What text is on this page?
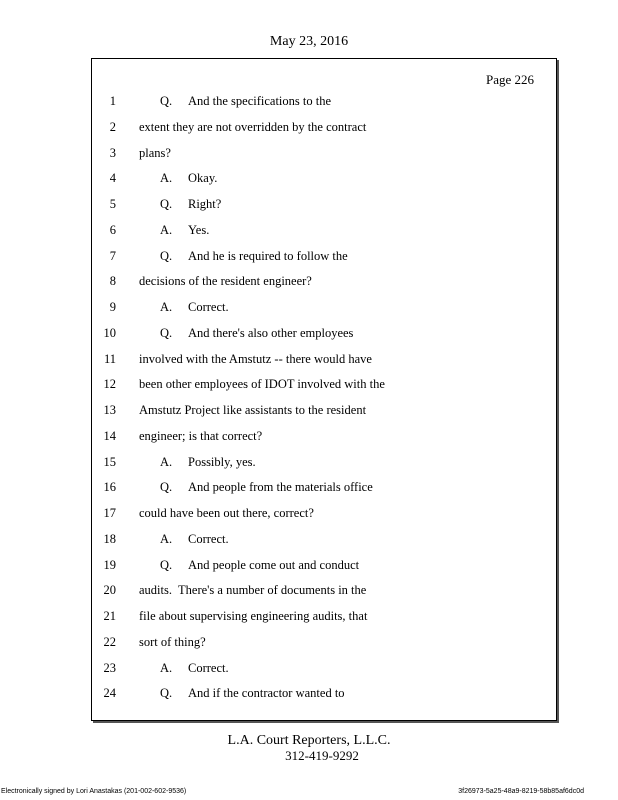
May 23, 2016
Page 226
1	Q. And the specifications to the
2 extent they are not overridden by the contract
3 plans?
4	A. Okay.
5	Q. Right?
6	A. Yes.
7	Q. And he is required to follow the
8 decisions of the resident engineer?
9	A. Correct.
10	Q. And there's also other employees
11 involved with the Amstutz -- there would have
12 been other employees of IDOT involved with the
13 Amstutz Project like assistants to the resident
14 engineer; is that correct?
15	A. Possibly, yes.
16	Q. And people from the materials office
17 could have been out there, correct?
18	A. Correct.
19	Q. And people come out and conduct
20 audits.  There's a number of documents in the
21 file about supervising engineering audits, that
22 sort of thing?
23	A. Correct.
24	Q. And if the contractor wanted to
L.A. Court Reporters, L.L.C.
312-419-9292
Electronically signed by Lori Anastakas (201-002-602-9536)	3f26973-5a25-48a9-8219-58b85af6dc0d
